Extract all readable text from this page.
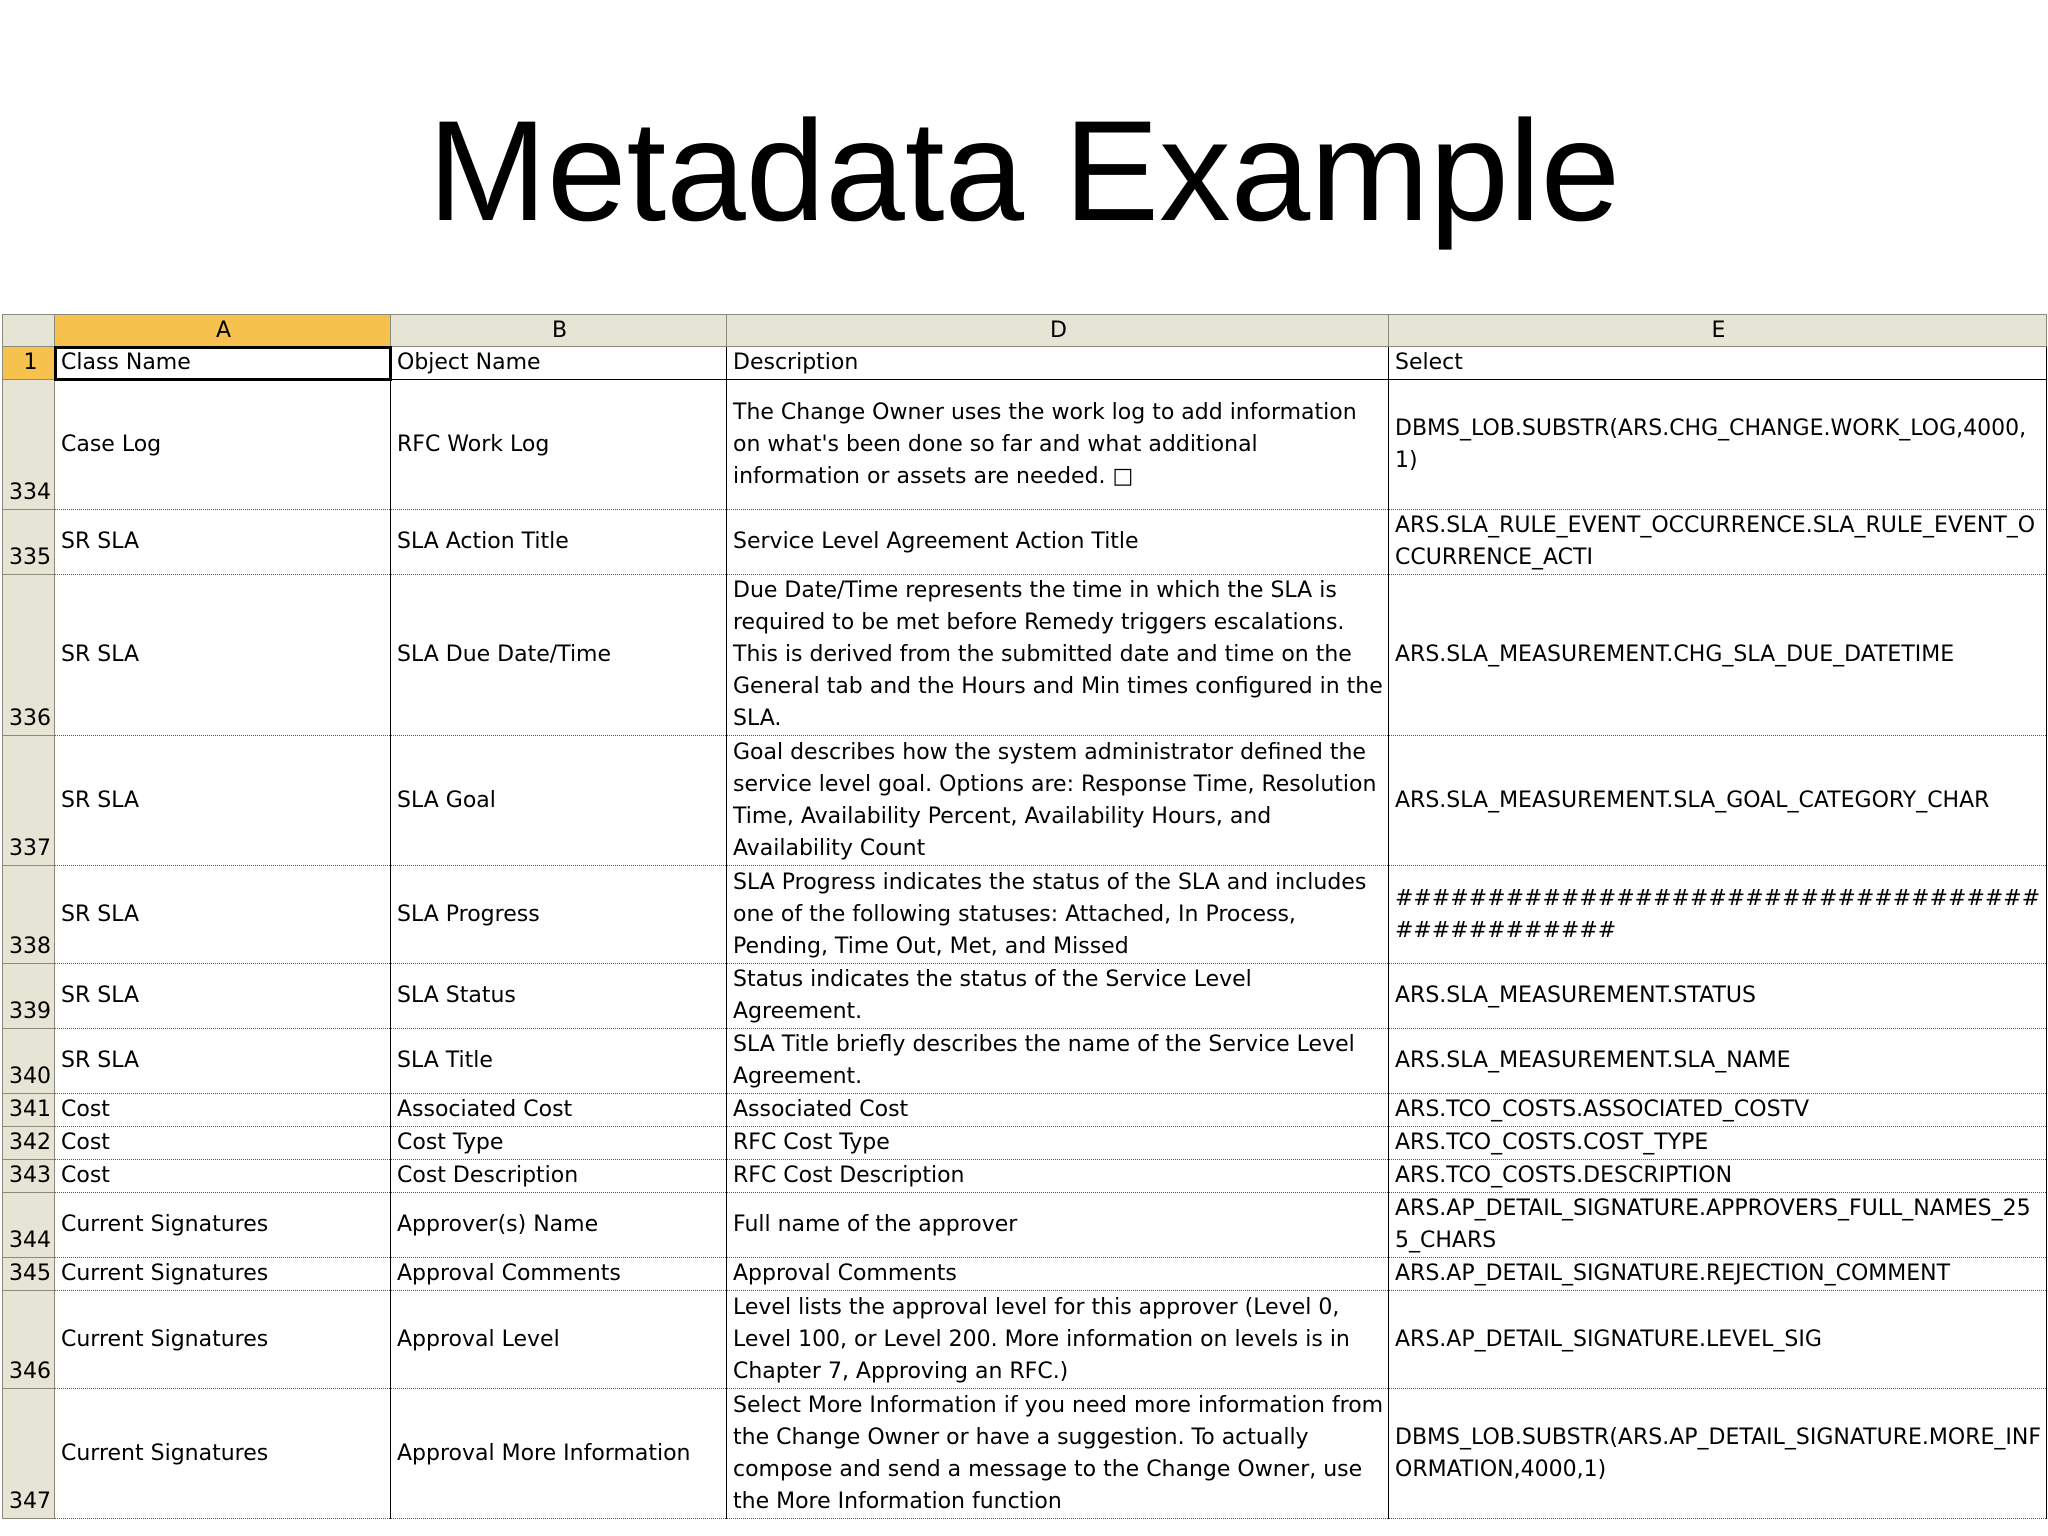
Metadata Example
	A	B	D	E
1	Class Name	Object Name	Description	Select
334	Case Log	RFC Work Log	The Change Owner uses the work log to add information on what's been done so far and what additional information or assets are needed. □	DBMS_LOB.SUBSTR(ARS.CHG_CHANGE.WORK_LOG,4000,1)
335	SR SLA	SLA Action Title	Service Level Agreement Action Title	ARS.SLA_RULE_EVENT_OCCURRENCE.SLA_RULE_EVENT_OCCURRENCE_ACTI
336	SR SLA	SLA Due Date/Time	Due Date/Time represents the time in which the SLA is required to be met before Remedy triggers escalations. This is derived from the submitted date and time on the General tab and the Hours and Min times configured in the SLA.	ARS.SLA_MEASUREMENT.CHG_SLA_DUE_DATETIME
337	SR SLA	SLA Goal	Goal describes how the system administrator defined the service level goal. Options are: Response Time, Resolution Time, Availability Percent, Availability Hours, and Availability Count	ARS.SLA_MEASUREMENT.SLA_GOAL_CATEGORY_CHAR
338	SR SLA	SLA Progress	SLA Progress indicates the status of the SLA and includes one of the following statuses: Attached, In Process, Pending, Time Out, Met, and Missed	###############################################
339	SR SLA	SLA Status	Status indicates the status of the Service Level Agreement.	ARS.SLA_MEASUREMENT.STATUS
340	SR SLA	SLA Title	SLA Title briefly describes the name of the Service Level Agreement.	ARS.SLA_MEASUREMENT.SLA_NAME
341	Cost	Associated Cost	Associated Cost	ARS.TCO_COSTS.ASSOCIATED_COSTV
342	Cost	Cost Type	RFC Cost Type	ARS.TCO_COSTS.COST_TYPE
343	Cost	Cost Description	RFC Cost Description	ARS.TCO_COSTS.DESCRIPTION
344	Current Signatures	Approver(s) Name	Full name of the approver	ARS.AP_DETAIL_SIGNATURE.APPROVERS_FULL_NAMES_255_CHARS
345	Current Signatures	Approval Comments	Approval Comments	ARS.AP_DETAIL_SIGNATURE.REJECTION_COMMENT
346	Current Signatures	Approval Level	Level lists the approval level for this approver (Level 0, Level 100, or Level 200. More information on levels is in Chapter 7, Approving an RFC.)	ARS.AP_DETAIL_SIGNATURE.LEVEL_SIG
347	Current Signatures	Approval More Information	Select More Information if you need more information from the Change Owner or have a suggestion. To actually compose and send a message to the Change Owner, use the More Information function	DBMS_LOB.SUBSTR(ARS.AP_DETAIL_SIGNATURE.MORE_INFORMATION,4000,1)
